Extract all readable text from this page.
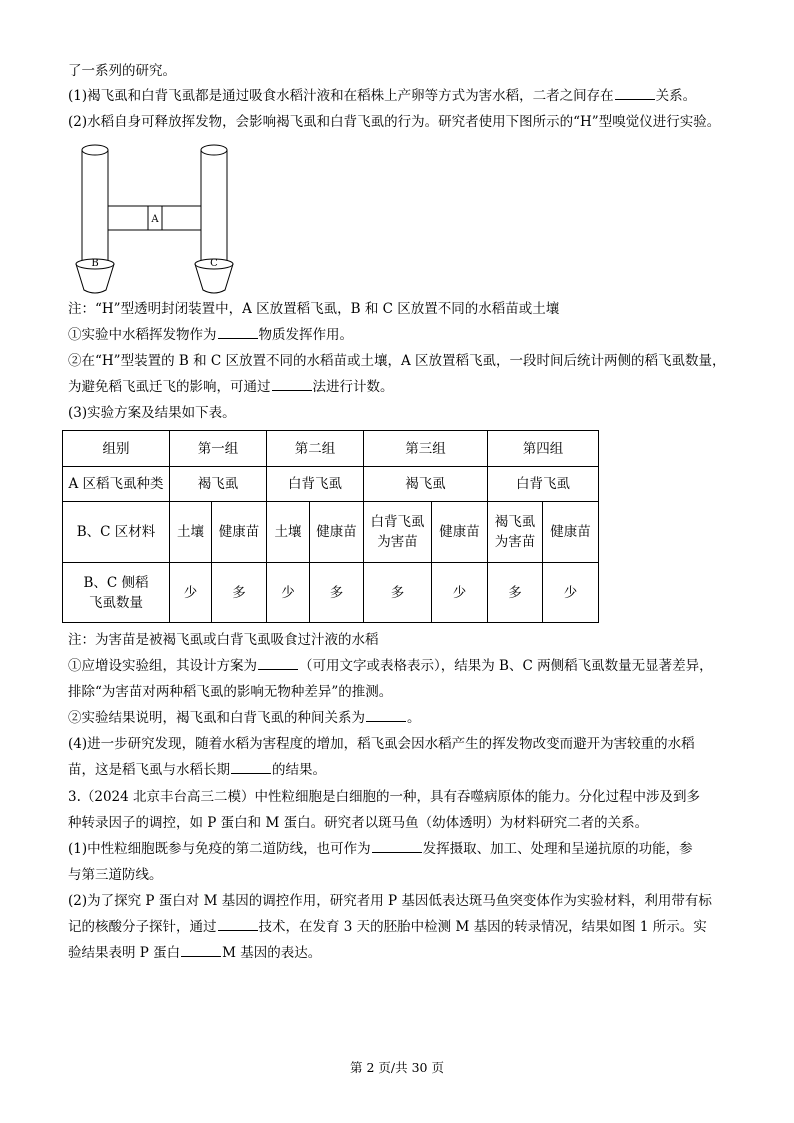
了一系列的研究。
(1)褐飞虱和白背飞虱都是通过吸食水稻汁液和在稻株上产卵等方式为害水稻，二者之间存在	关系。
(2)水稻自身可释放挥发物，会影响褐飞虱和白背飞虱的行为。研究者使用下图所示的“H”型嗅觉仪进行实验。
A
B	C
注：“H”型透明封闭装置中，A 区放置稻飞虱，B 和 C 区放置不同的水稻苗或土壤
①实验中水稻挥发物作为	物质发挥作用。
②在“H”型装置的 B 和 C 区放置不同的水稻苗或土壤，A 区放置稻飞虱，一段时间后统计两侧的稻飞虱数量，
为避免稻飞虱迁飞的影响，可通过	法进行计数。
(3)实验方案及结果如下表。
组别	第一组		第二组		第三组		第四组	
A 区稻飞虱种类	褐飞虱		白背飞虱		褐飞虱		白背飞虱	
B、C 区材料	土壤	健康苗	土壤	健康苗	白背飞虱为害苗	健康苗	褐飞虱为害苗	健康苗
B、C 侧稻飞虱数量	少	多	少	多	多	少	多	少
注：为害苗是被褐飞虱或白背飞虱吸食过汁液的水稻
①应增设实验组，其设计方案为	（可用文字或表格表示），结果为 B、C 两侧稻飞虱数量无显著差异，
排除“为害苗对两种稻飞虱的影响无物种差异”的推测。
②实验结果说明，褐飞虱和白背飞虱的种间关系为	。
(4)进一步研究发现，随着水稻为害程度的增加，稻飞虱会因水稻产生的挥发物改变而避开为害较重的水稻
苗，这是稻飞虱与水稻长期	的结果。
3.（2024 北京丰台高三二模）中性粒细胞是白细胞的一种，具有吞噬病原体的能力。分化过程中涉及到多
种转录因子的调控，如 P 蛋白和 M 蛋白。研究者以斑马鱼（幼体透明）为材料研究二者的关系。
(1)中性粒细胞既参与免疫的第二道防线，也可作为	发挥摄取、加工、处理和呈递抗原的功能，参
与第三道防线。
(2)为了探究 P 蛋白对 M 基因的调控作用，研究者用 P 基因低表达斑马鱼突变体作为实验材料，利用带有标
记的核酸分子探针，通过	技术，在发育 3 天的胚胎中检测 M 基因的转录情况，结果如图 1 所示。实
验结果表明 P 蛋白	M 基因的表达。
第 2 页/共 30 页
